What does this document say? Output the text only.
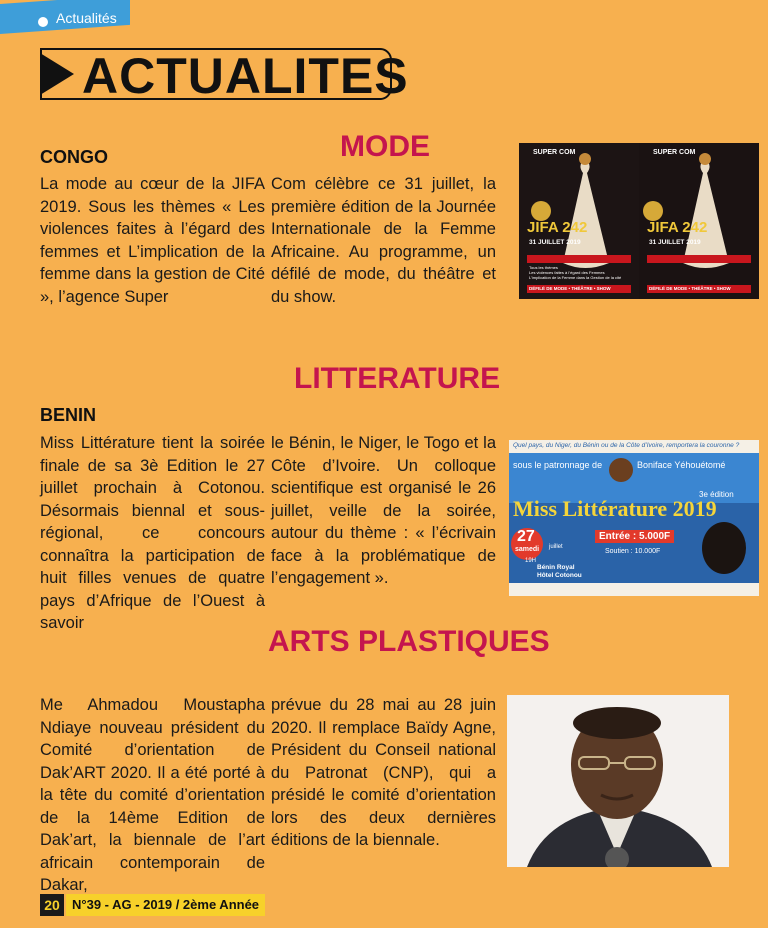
Actualités
ACTUALITES
MODE
CONGO
La mode au cœur de la JIFA 2019. Sous les thèmes « Les violences faites à l’égard des femmes et L’implication de la femme dans la gestion de Cité », l’agence Super
Com célèbre ce 31 juillet, la première édition de la Journée Internationale de la Femme Africaine. Au programme, un défilé de mode, du théâtre et du show.
SUPER COM	SUPER COM
JIFA 242	JIFA 242
31 JUILLET 2019	31 JUILLET 2019
Tous les thèmes
Les violences faites à l’égard des Femmes
L’implication de la Femme dans la Gestion de la cité
DÉFILÉ DE MODE • THÉÂTRE • SHOW	DÉFILÉ DE MODE • THÉÂTRE • SHOW
LITTERATURE
BENIN
Miss Littérature tient la soirée finale de sa 3è Edition le 27 juillet prochain à Cotonou. Désormais biennal et sous-régional, ce concours connaîtra la participation de huit filles venues de quatre pays d’Afrique de l’Ouest à savoir
le Bénin, le Niger, le Togo et la Côte d’Ivoire. Un colloque scientifique est organisé le 26 juillet, veille de la soirée, autour du thème : « l’écrivain face à la problématique de l’engagement ».
Quel pays, du Niger, du Bénin ou de la Côte d’Ivoire, remportera la couronne ?
sous le patronnage de	Boniface Yéhouétomé
3e édition
Miss Littérature 2019
27
samedi juillet
19H
Entrée : 5.000F
Soutien : 10.000F
Bénin Royal
Hôtel Cotonou
ARTS PLASTIQUES
Me Ahmadou Moustapha Ndiaye nouveau président du Comité d’orientation de Dak’ART 2020. Il a été porté à la tête du comité d’orientation de la 14ème Edition de Dak’art, la biennale de l’art africain contemporain de Dakar,
prévue du 28 mai au 28 juin 2020. Il remplace Baïdy Agne, Président du Conseil national du Patronat (CNP), qui a présidé le comité d’orientation lors des deux dernières éditions de la biennale.
20 N°39 - AG - 2019 / 2ème Année
